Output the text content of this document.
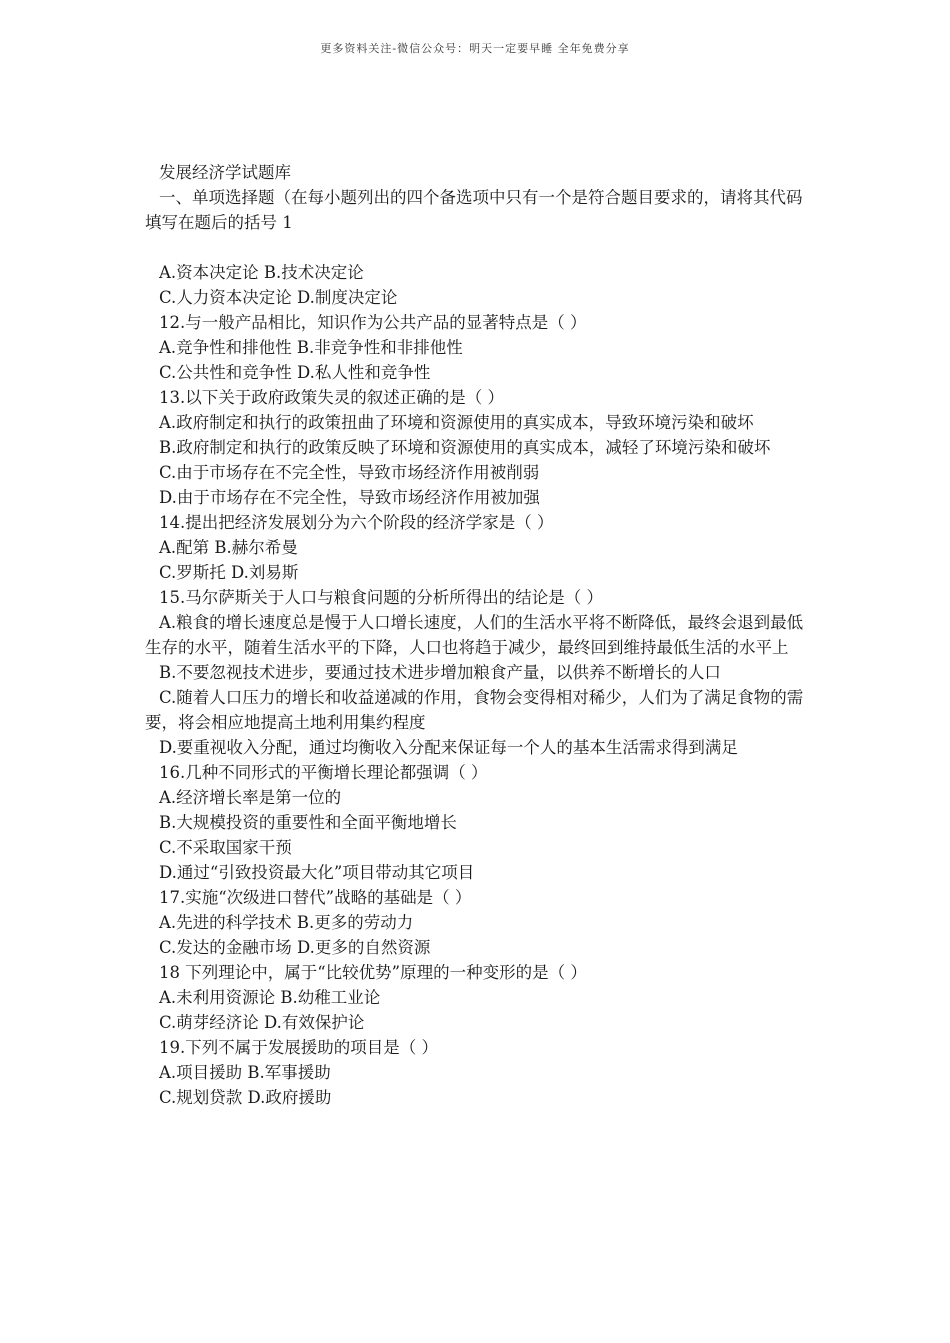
更多资料关注-微信公众号：明天一定要早睡 全年免费分享
发展经济学试题库
一、单项选择题（在每小题列出的四个备选项中只有一个是符合题目要求的，请将其代码填写在题后的括号 1
A.资本决定论 B.技术决定论
C.人力资本决定论 D.制度决定论
12.与一般产品相比，知识作为公共产品的显著特点是（ ）
A.竞争性和排他性 B.非竞争性和非排他性
C.公共性和竞争性 D.私人性和竞争性
13.以下关于政府政策失灵的叙述正确的是（ ）
A.政府制定和执行的政策扭曲了环境和资源使用的真实成本，导致环境污染和破坏
B.政府制定和执行的政策反映了环境和资源使用的真实成本，减轻了环境污染和破坏
C.由于市场存在不完全性，导致市场经济作用被削弱
D.由于市场存在不完全性，导致市场经济作用被加强
14.提出把经济发展划分为六个阶段的经济学家是（ ）
A.配第 B.赫尔希曼
C.罗斯托 D.刘易斯
15.马尔萨斯关于人口与粮食问题的分析所得出的结论是（ ）
A.粮食的增长速度总是慢于人口增长速度，人们的生活水平将不断降低，最终会退到最低生存的水平，随着生活水平的下降，人口也将趋于减少，最终回到维持最低生活的水平上
B.不要忽视技术进步，要通过技术进步增加粮食产量，以供养不断增长的人口
C.随着人口压力的增长和收益递减的作用，食物会变得相对稀少，人们为了满足食物的需要，将会相应地提高土地利用集约程度
D.要重视收入分配，通过均衡收入分配来保证每一个人的基本生活需求得到满足
16.几种不同形式的平衡增长理论都强调（ ）
A.经济增长率是第一位的
B.大规模投资的重要性和全面平衡地增长
C.不采取国家干预
D.通过“引致投资最大化”项目带动其它项目
17.实施“次级进口替代”战略的基础是（ ）
A.先进的科学技术 B.更多的劳动力
C.发达的金融市场 D.更多的自然资源
18 下列理论中，属于“比较优势”原理的一种变形的是（ ）
A.未利用资源论 B.幼稚工业论
C.萌芽经济论 D.有效保护论
19.下列不属于发展援助的项目是（ ）
A.项目援助 B.军事援助
C.规划贷款 D.政府援助
